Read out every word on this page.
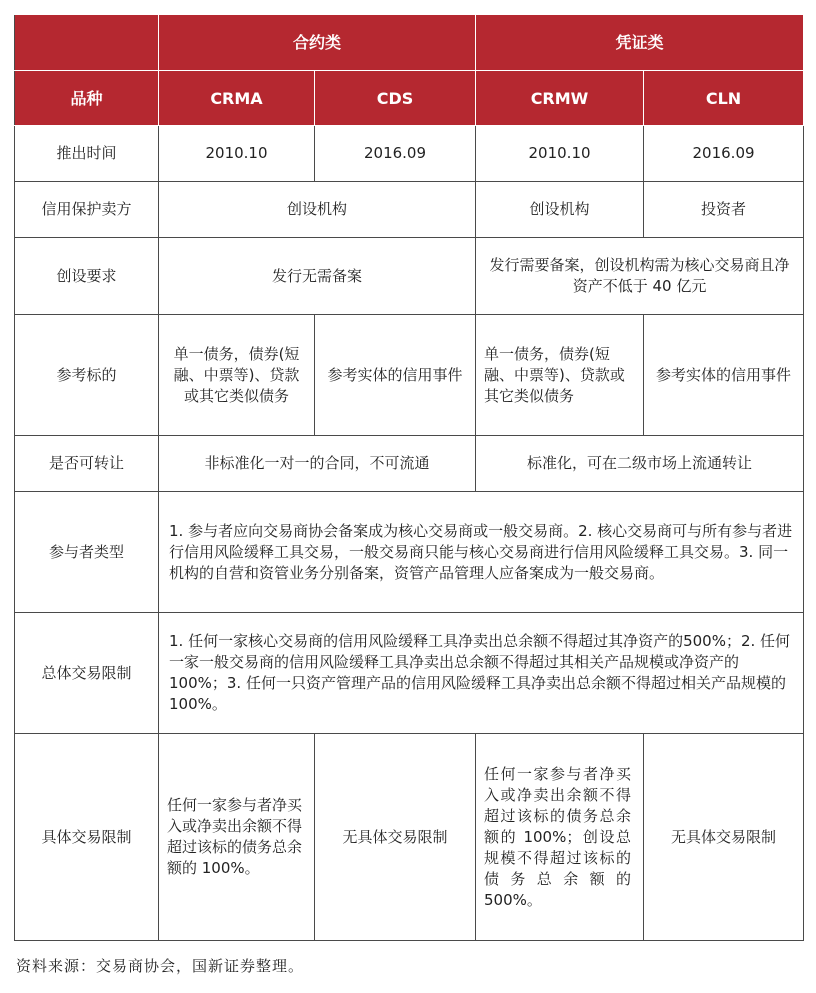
	合约类		凭证类	
品种	CRMA	CDS	CRMW	CLN
推出时间	2010.10	2016.09	2010.10	2016.09
信用保护卖方	创设机构		创设机构	投资者
创设要求	发行无需备案		发行需要备案，创设机构需为核心交易商且净资产不低于 40 亿元	
参考标的	单一债务，债券(短融、中票等)、贷款或其它类似债务	参考实体的信用事件	单一债务，债券(短融、中票等)、贷款或其它类似债务	参考实体的信用事件
是否可转让	非标准化一对一的合同，不可流通		标准化，可在二级市场上流通转让	
参与者类型	1. 参与者应向交易商协会备案成为核心交易商或一般交易商。2. 核心交易商可与所有参与者进行信用风险缓释工具交易，一般交易商只能与核心交易商进行信用风险缓释工具交易。3. 同一机构的自营和资管业务分别备案，资管产品管理人应备案成为一般交易商。			
总体交易限制	1. 任何一家核心交易商的信用风险缓释工具净卖出总余额不得超过其净资产的500%；2. 任何一家一般交易商的信用风险缓释工具净卖出总余额不得超过其相关产品规模或净资产的 100%；3. 任何一只资产管理产品的信用风险缓释工具净卖出总余额不得超过相关产品规模的 100%。			
具体交易限制	任何一家参与者净买入或净卖出余额不得超过该标的债务总余额的 100%。	无具体交易限制	任何一家参与者净买入或净卖出余额不得超过该标的债务总余额的 100%；创设总规模不得超过该标的债务总余额的 500%。	无具体交易限制
资料来源：交易商协会，国新证券整理。
